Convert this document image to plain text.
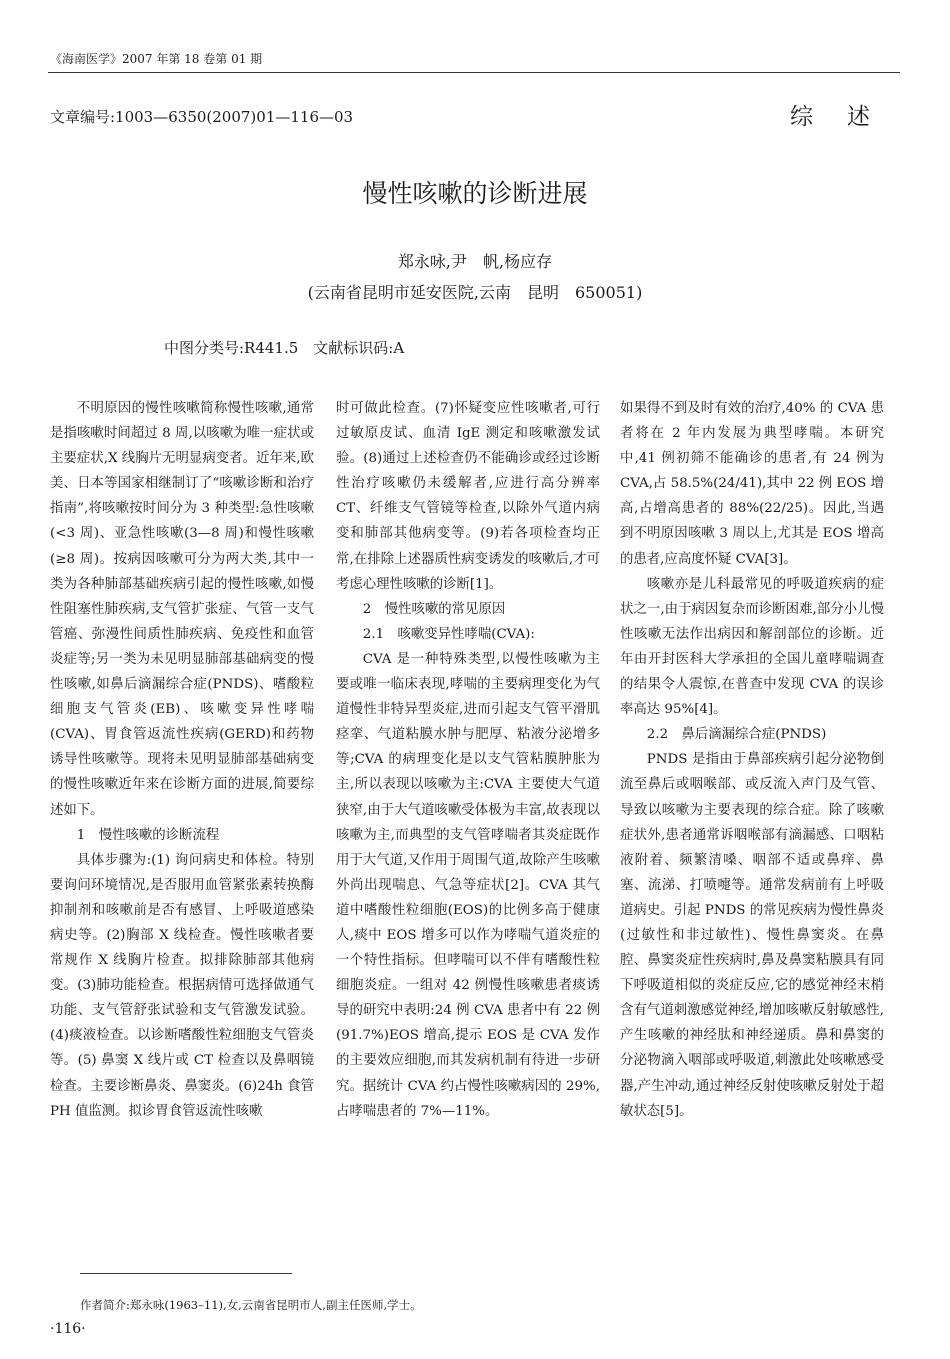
《海南医学》2007 年第 18 卷第 01 期
文章编号:1003—6350(2007)01—116—03	综述
慢性咳嗽的诊断进展
郑永咏,尹　帆,杨应存
(云南省昆明市延安医院,云南　昆明　650051)
中图分类号:R441.5　文献标识码:A

不明原因的慢性咳嗽简称慢性咳嗽,通常是指咳嗽时间超过 8 周,以咳嗽为唯一症状或主要症状,X 线胸片无明显病变者。近年来,欧美、日本等国家相继制订了“咳嗽诊断和治疗指南”,将咳嗽按时间分为 3 种类型:急性咳嗽(<3 周)、亚急性咳嗽(3—8 周)和慢性咳嗽(≥8 周)。按病因咳嗽可分为两大类,其中一类为各种肺部基础疾病引起的慢性咳嗽,如慢性阻塞性肺疾病,支气管扩张症、气管一支气管癌、弥漫性间质性肺疾病、免疫性和血管炎症等;另一类为未见明显肺部基础病变的慢性咳嗽,如鼻后滴漏综合症(PNDS)、嗜酸粒细胞支气管炎(EB)、咳嗽变异性哮喘(CVA)、胃食管返流性疾病(GERD)和药物诱导性咳嗽等。现将未见明显肺部基础病变的慢性咳嗽近年来在诊断方面的进展,简要综述如下。

1　慢性咳嗽的诊断流程

具体步骤为:(1) 询问病史和体检。特别要询问环境情况,是否服用血管紧张素转换酶抑制剂和咳嗽前是否有感冒、上呼吸道感染病史等。(2)胸部 X 线检查。慢性咳嗽者要常规作 X 线胸片检查。拟排除肺部其他病变。(3)肺功能检查。根据病情可选择做通气功能、支气管舒张试验和支气管激发试验。(4)痰液检查。以诊断嗜酸性粒细胞支气管炎等。(5) 鼻窦 X 线片或 CT 检查以及鼻咽镜检查。主要诊断鼻炎、鼻窦炎。(6)24h 食管 PH 值监测。拟诊胃食管返流性咳嗽

时可做此检查。(7)怀疑变应性咳嗽者,可行过敏原皮试、血清 IgE 测定和咳嗽激发试验。(8)通过上述检查仍不能确诊或经过诊断性治疗咳嗽仍未缓解者,应进行高分辨率 CT、纤维支气管镜等检查,以除外气道内病变和肺部其他病变等。(9)若各项检查均正常,在排除上述器质性病变诱发的咳嗽后,才可考虑心理性咳嗽的诊断[1]。

2　慢性咳嗽的常见原因

2.1　咳嗽变异性哮喘(CVA):

CVA 是一种特殊类型,以慢性咳嗽为主要或唯一临床表现,哮喘的主要病理变化为气道慢性非特异型炎症,进而引起支气管平滑肌痉挛、气道粘膜水肿与肥厚、粘液分泌增多等;CVA 的病理变化是以支气管粘膜肿胀为主,所以表现以咳嗽为主:CVA 主要使大气道狭窄,由于大气道咳嗽受体极为丰富,故表现以咳嗽为主,而典型的支气管哮喘者其炎症既作用于大气道,又作用于周围气道,故除产生咳嗽外尚出现喘息、气急等症状[2]。CVA 其气道中嗜酸性粒细胞(EOS)的比例多高于健康人,痰中 EOS 增多可以作为哮喘气道炎症的一个特性指标。但哮喘可以不伴有嗜酸性粒细胞炎症。一组对 42 例慢性咳嗽患者痰诱导的研究中表明:24 例 CVA 患者中有 22 例(91.7%)EOS 增高,提示 EOS 是 CVA 发作的主要效应细胞,而其发病机制有待进一步研究。据统计 CVA 约占慢性咳嗽病因的 29%,占哮喘患者的 7%—11%。

如果得不到及时有效的治疗,40% 的 CVA 患者将在 2 年内发展为典型哮喘。本研究中,41 例初筛不能确诊的患者,有 24 例为 CVA,占 58.5%(24/41),其中 22 例 EOS 增高,占增高患者的 88%(22/25)。因此,当遇到不明原因咳嗽 3 周以上,尤其是 EOS 增高的患者,应高度怀疑 CVA[3]。

咳嗽亦是儿科最常见的呼吸道疾病的症状之一,由于病因复杂而诊断困难,部分小儿慢性咳嗽无法作出病因和解剖部位的诊断。近年由开封医科大学承担的全国儿童哮喘调查的结果令人震惊,在普查中发现 CVA 的误诊率高达 95%[4]。

2.2　鼻后滴漏综合症(PNDS)

PNDS 是指由于鼻部疾病引起分泌物倒流至鼻后或咽喉部、或反流入声门及气管、导致以咳嗽为主要表现的综合症。除了咳嗽症状外,患者通常诉咽喉部有滴漏感、口咽粘液附着、频繁清嗓、咽部不适或鼻痒、鼻塞、流涕、打喷嚏等。通常发病前有上呼吸道病史。引起 PNDS 的常见疾病为慢性鼻炎(过敏性和非过敏性)、慢性鼻窦炎。在鼻腔、鼻窦炎症性疾病时,鼻及鼻窦粘膜具有同下呼吸道相似的炎症反应,它的感觉神经末梢含有气道刺激感觉神经,增加咳嗽反射敏感性,产生咳嗽的神经肽和神经递质。鼻和鼻窦的分泌物滴入咽部或呼吸道,刺激此处咳嗽感受器,产生冲动,通过神经反射使咳嗽反射处于超敏状态[5]。

作者简介:郑永咏(1963–11),女,云南省昆明市人,副主任医师,学士。
·116·
